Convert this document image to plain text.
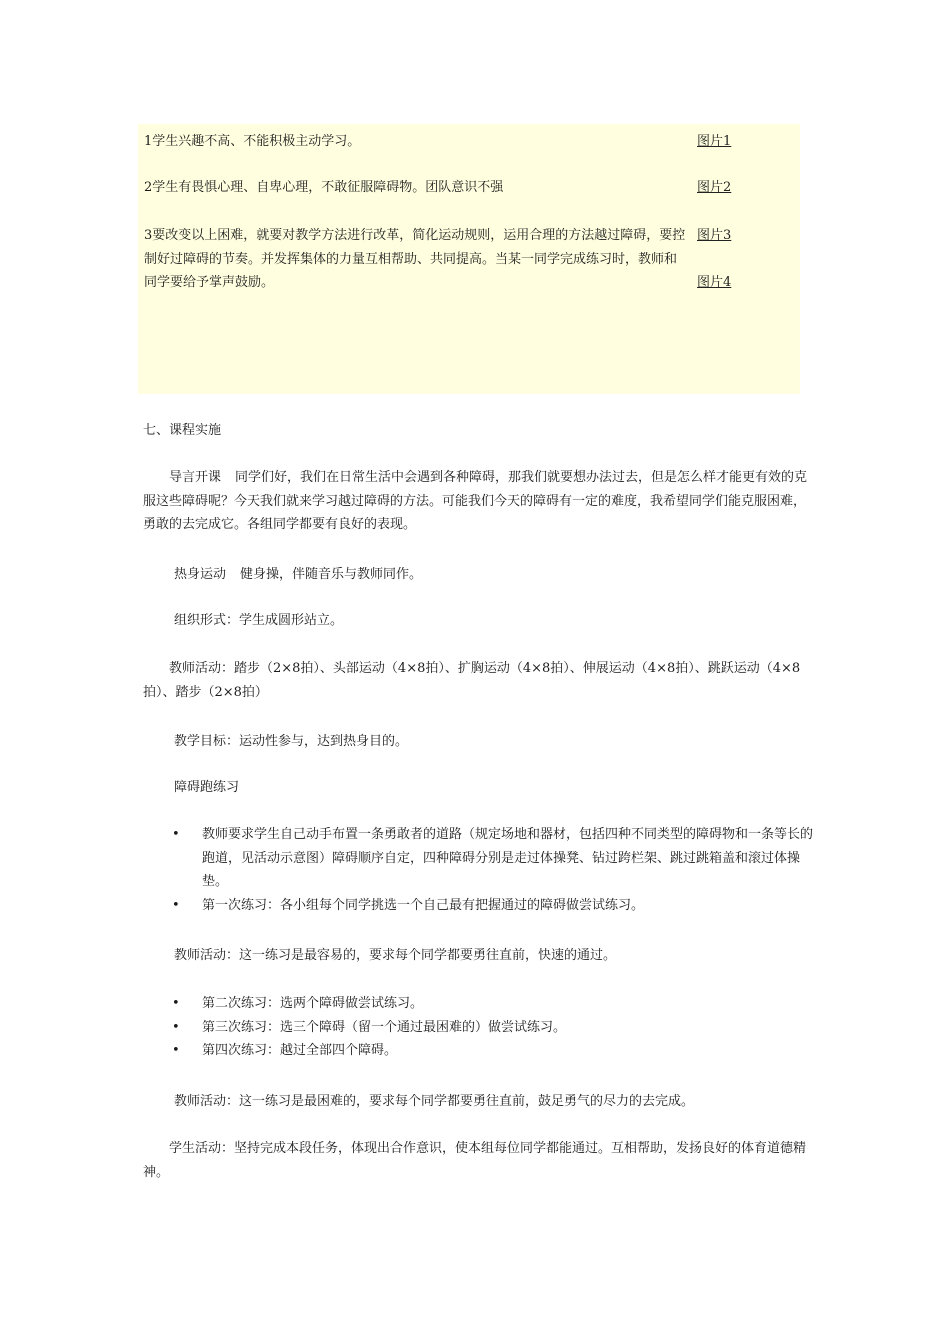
1学生兴趣不高、不能积极主动学习。
2学生有畏惧心理、自卑心理，不敢征服障碍物。团队意识不强
3要改变以上困难，就要对教学方法进行改革，简化运动规则，运用合理的方法越过障碍，要控制好过障碍的节奏。并发挥集体的力量互相帮助、共同提高。当某一同学完成练习时，教师和同学要给予掌声鼓励。
图片1
图片2
图片3
图片4
七、课程实施
导言开课 同学们好，我们在日常生活中会遇到各种障碍，那我们就要想办法过去，但是怎么样才能更有效的克服这些障碍呢？今天我们就来学习越过障碍的方法。可能我们今天的障碍有一定的难度，我希望同学们能克服困难，勇敢的去完成它。各组同学都要有良好的表现。
热身运动 健身操，伴随音乐与教师同作。
组织形式：学生成圆形站立。
教师活动：踏步（2×8拍）、头部运动（4×8拍）、扩胸运动（4×8拍）、伸展运动（4×8拍）、跳跃运动（4×8拍）、踏步（2×8拍）
教学目标：运动性参与，达到热身目的。
障碍跑练习
• 教师要求学生自己动手布置一条勇敢者的道路（规定场地和器材，包括四种不同类型的障碍物和一条等长的跑道，见活动示意图）障碍顺序自定，四种障碍分别是走过体操凳、钻过跨栏架、跳过跳箱盖和滚过体操垫。
• 第一次练习：各小组每个同学挑选一个自己最有把握通过的障碍做尝试练习。
教师活动：这一练习是最容易的，要求每个同学都要勇往直前，快速的通过。
• 第二次练习：选两个障碍做尝试练习。
• 第三次练习：选三个障碍（留一个通过最困难的）做尝试练习。
• 第四次练习：越过全部四个障碍。
教师活动：这一练习是最困难的，要求每个同学都要勇往直前，鼓足勇气的尽力的去完成。
学生活动：坚持完成本段任务，体现出合作意识，使本组每位同学都能通过。互相帮助，发扬良好的体育道德精神。
